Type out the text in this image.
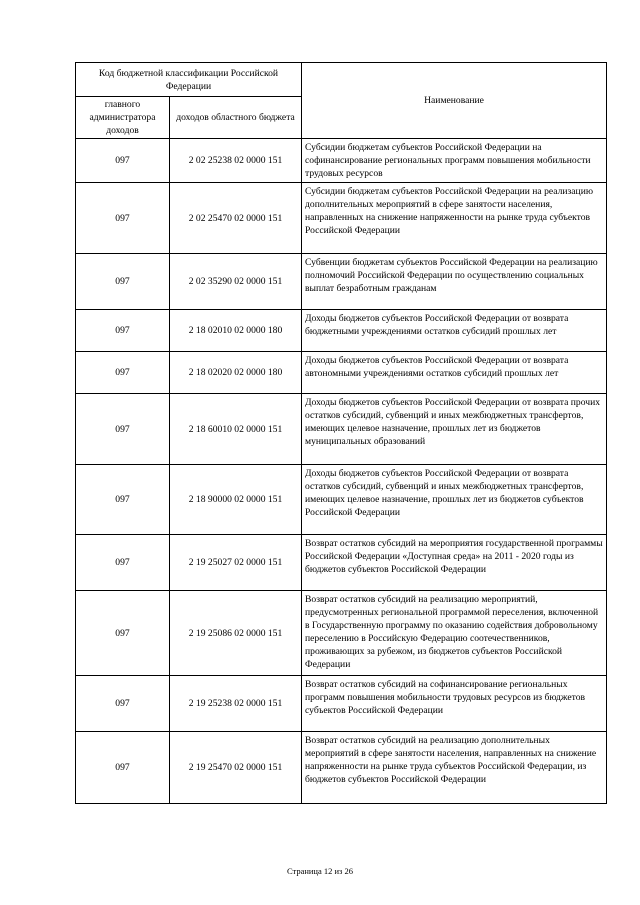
Код бюджетной классификации Российской Федерации		Наименование
главного администратора доходов	доходов областного бюджета	
097	2 02 25238 02 0000 151	Субсидии бюджетам субъектов Российской Федерации на софинансирование региональных программ повышения мобильности трудовых ресурсов
097	2 02 25470 02 0000 151	Субсидии бюджетам субъектов Российской Федерации на реализацию дополнительных мероприятий в сфере занятости населения, направленных на снижение напряженности на рынке труда субъектов Российской Федерации
097	2 02 35290 02 0000 151	Субвенции бюджетам субъектов Российской Федерации на реализацию полномочий Российской Федерации по осуществлению социальных выплат безработным гражданам
097	2 18 02010 02 0000 180	Доходы бюджетов субъектов Российской Федерации от возврата бюджетными учреждениями остатков субсидий прошлых лет
097	2 18 02020 02 0000 180	Доходы бюджетов субъектов Российской Федерации от возврата автономными учреждениями остатков субсидий прошлых лет
097	2 18 60010 02 0000 151	Доходы бюджетов субъектов Российской Федерации от возврата прочих остатков субсидий, субвенций и иных межбюджетных трансфертов, имеющих целевое назначение, прошлых лет из бюджетов муниципальных образований
097	2 18 90000 02 0000 151	Доходы бюджетов субъектов Российской Федерации от возврата остатков субсидий, субвенций и иных межбюджетных трансфертов, имеющих целевое назначение, прошлых лет из бюджетов субъектов Российской Федерации
097	2 19 25027 02 0000 151	Возврат остатков субсидий на мероприятия государственной программы Российской Федерации «Доступная среда» на 2011 - 2020 годы из бюджетов субъектов Российской Федерации
097	2 19 25086 02 0000 151	Возврат остатков субсидий на реализацию мероприятий, предусмотренных региональной программой переселения, включенной в Государственную программу по оказанию содействия добровольному переселению в Российскую Федерацию соотечественников, проживающих за рубежом, из бюджетов субъектов Российской Федерации
097	2 19 25238 02 0000 151	Возврат остатков субсидий на софинансирование региональных программ повышения мобильности трудовых ресурсов из бюджетов субъектов Российской Федерации
097	2 19 25470 02 0000 151	Возврат остатков субсидий на реализацию дополнительных мероприятий в сфере занятости населения, направленных на снижение напряженности на рынке труда субъектов Российской Федерации, из бюджетов субъектов Российской Федерации
Страница 12 из 26
